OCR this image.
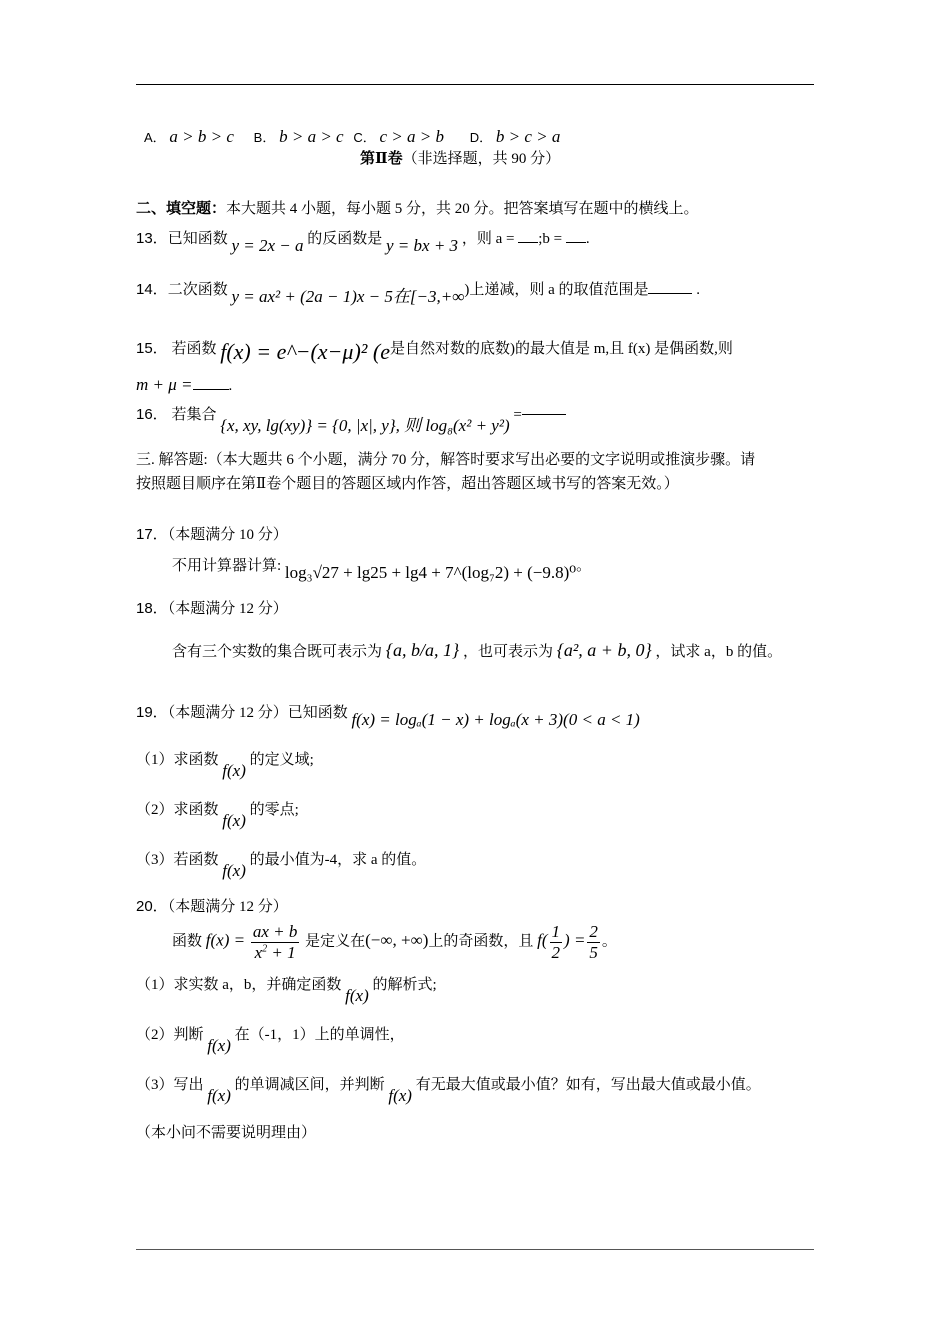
A． a > b > c B． b > a > c C． c > a > b D． b > c > a
第Ⅱ卷（非选择题，共 90 分）
二、填空题：本大题共 4 小题，每小题 5 分，共 20 分。把答案填写在题中的横线上。
13．已知函数 y = 2x − a 的反函数是 y = bx + 3 ，则 a = ;b = .
14．二次函数 y = ax² + (2a − 1)x − 5在[−3,+∞)上递减，则 a 的取值范围是	.
15． 若函数 f(x) = e^−(x−μ)² (e是自然对数的底数)的最大值是 m,且 f(x) 是偶函数,则
m + μ = .
16． 若集合 {x, xy, lg(xy)} = {0, |x|, y}, 则 log₈(x² + y²) =
三. 解答题:（本大题共 6 个小题，满分 70 分，解答时要求写出必要的文字说明或推演步骤。请
按照题目顺序在第Ⅱ卷个题目的答题区域内作答，超出答题区域书写的答案无效。）
17．（本题满分 10 分）
不用计算器计算: log₃√27 + lg25 + lg4 + 7^(log₇2) + (−9.8)⁰。
18．（本题满分 12 分）
含有三个实数的集合既可表示为 {a, b/a, 1} ，也可表示为 {a², a + b, 0} ，试求 a，b 的值。
19．（本题满分 12 分）已知函数 f(x) = logₐ(1 − x) + logₐ(x + 3)(0 < a < 1)
（1）求函数 f(x) 的定义域;
（2）求函数 f(x) 的零点;
（3）若函数 f(x) 的最小值为-4，求 a 的值。
20．（本题满分 12 分）
函数 $f(x) = \frac{ax + b}{x^2 + 1}$ 是定义在(−∞, +∞)上的奇函数，且 $f( \frac{1}{2}$ ) = $\frac{2}{5}$ 。
（1）求实数 a，b，并确定函数 f(x) 的解析式;
（2）判断 f(x) 在（-1，1）上的单调性，
（3）写出 f(x) 的单调减区间，并判断 f(x) 有无最大值或最小值？如有，写出最大值或最小值。
（本小问不需要说明理由）
